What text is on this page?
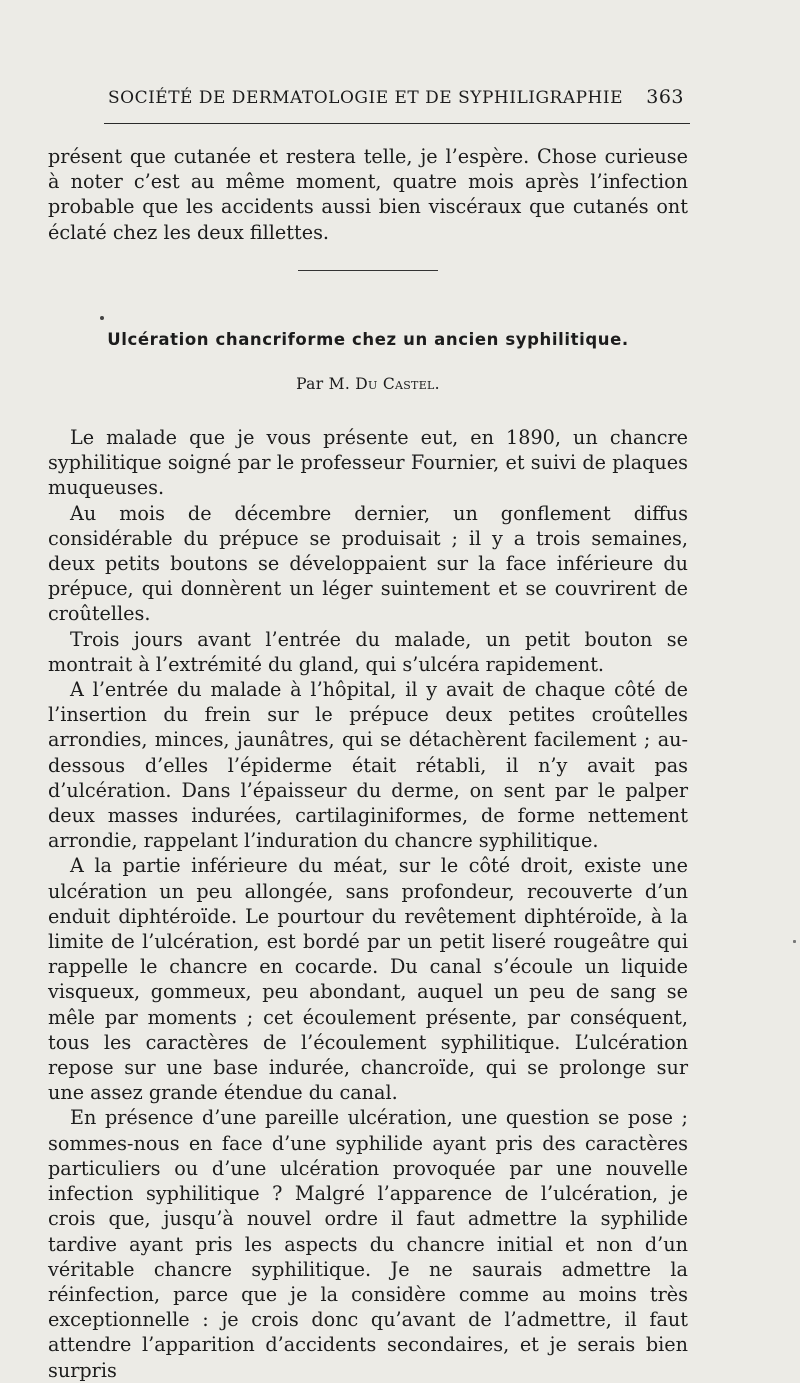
SOCIÉTÉ DE DERMATOLOGIE ET DE SYPHILIGRAPHIE 363

présent que cutanée et restera telle, je l’espère. Chose curieuse à noter c’est au même moment, quatre mois après l’infection probable que les accidents aussi bien viscéraux que cutanés ont éclaté chez les deux fillettes.

Ulcération chancriforme chez un ancien syphilitique.
Par M. Du Castel.

Le malade que je vous présente eut, en 1890, un chancre syphilitique soigné par le professeur Fournier, et suivi de plaques muqueuses.

Au mois de décembre dernier, un gonflement diffus considérable du prépuce se produisait ; il y a trois semaines, deux petits boutons se développaient sur la face inférieure du prépuce, qui donnèrent un léger suintement et se couvrirent de croûtelles.

Trois jours avant l’entrée du malade, un petit bouton se montrait à l’extrémité du gland, qui s’ulcéra rapidement.

A l’entrée du malade à l’hôpital, il y avait de chaque côté de l’insertion du frein sur le prépuce deux petites croûtelles arrondies, minces, jaunâtres, qui se détachèrent facilement ; au-dessous d’elles l’épiderme était rétabli, il n’y avait pas d’ulcération. Dans l’épaisseur du derme, on sent par le palper deux masses indurées, cartilaginiformes, de forme nettement arrondie, rappelant l’induration du chancre syphilitique.

A la partie inférieure du méat, sur le côté droit, existe une ulcération un peu allongée, sans profondeur, recouverte d’un enduit diphtéroïde. Le pourtour du revêtement diphtéroïde, à la limite de l’ulcération, est bordé par un petit liseré rougeâtre qui rappelle le chancre en cocarde. Du canal s’écoule un liquide visqueux, gommeux, peu abondant, auquel un peu de sang se mêle par moments ; cet écoulement présente, par conséquent, tous les caractères de l’écoulement syphilitique. L’ulcération repose sur une base indurée, chancroïde, qui se prolonge sur une assez grande étendue du canal.

En présence d’une pareille ulcération, une question se pose ; sommes-nous en face d’une syphilide ayant pris des caractères particuliers ou d’une ulcération provoquée par une nouvelle infection syphilitique ? Malgré l’apparence de l’ulcération, je crois que, jusqu’à nouvel ordre il faut admettre la syphilide tardive ayant pris les aspects du chancre initial et non d’un véritable chancre syphilitique. Je ne saurais admettre la réinfection, parce que je la considère comme au moins très exceptionnelle : je crois donc qu’avant de l’admettre, il faut attendre l’apparition d’accidents secondaires, et je serais bien surpris
